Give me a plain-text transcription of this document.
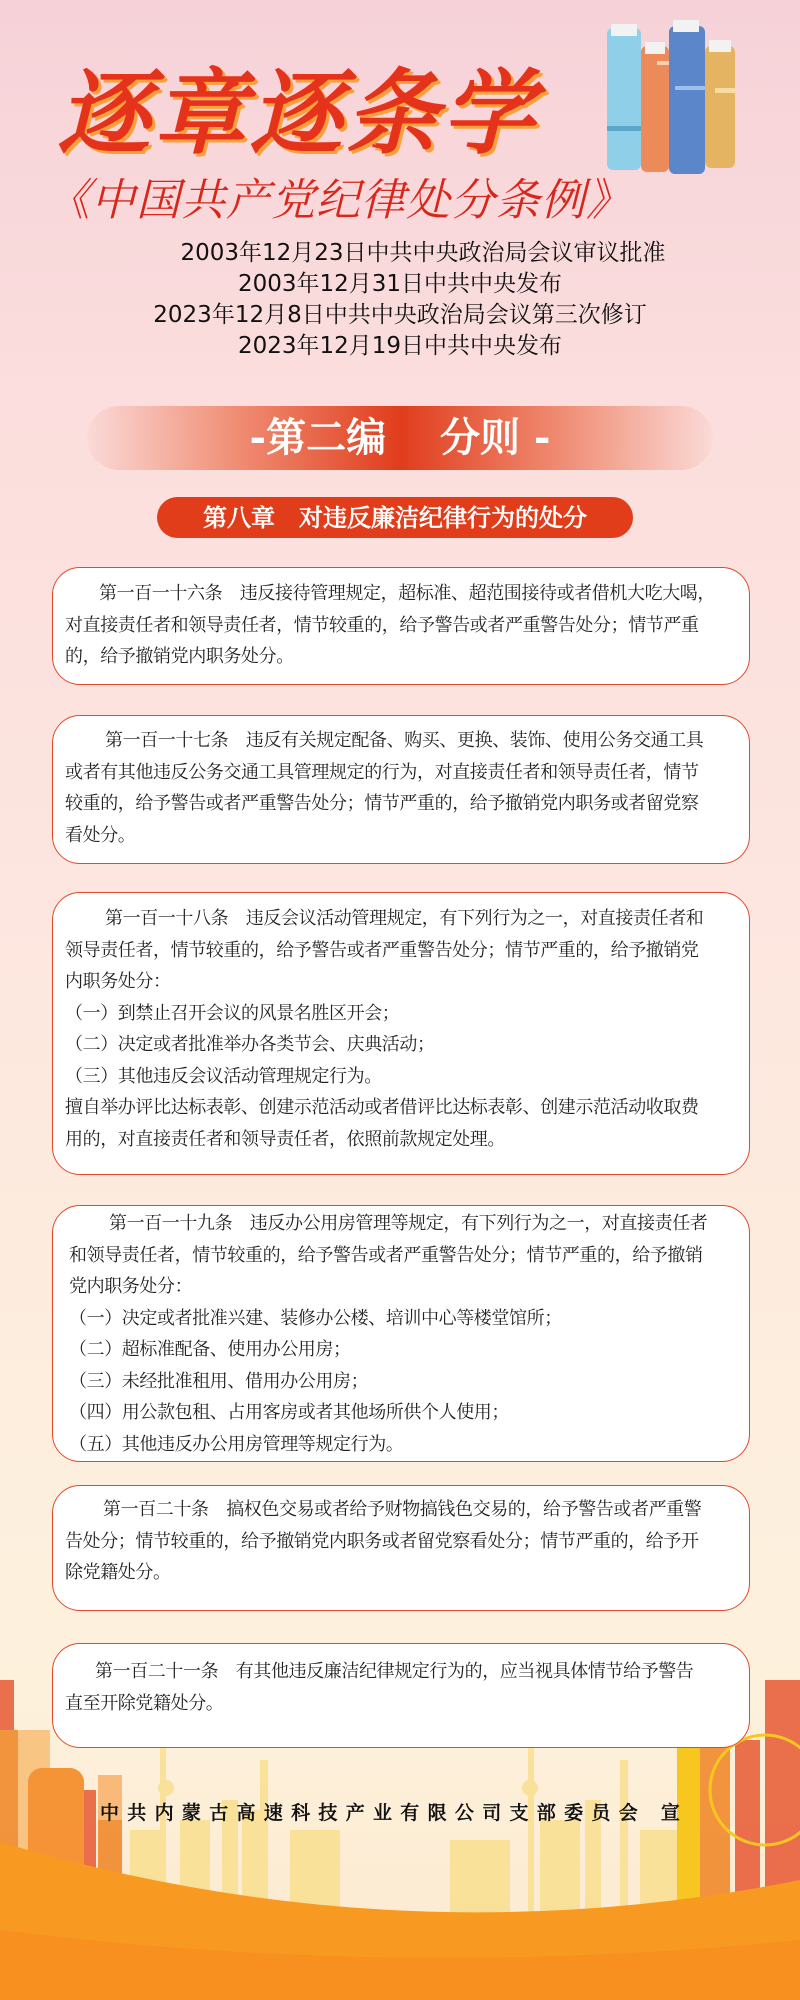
逐章逐条学
《中国共产党纪律处分条例》
2003年12月23日中共中央政治局会议审议批准
2003年12月31日中共中央发布
2023年12月8日中共中央政治局会议第三次修订
2023年12月19日中共中央发布
-第二编　 分则 -
第八章　对违反廉洁纪律行为的处分
第一百一十六条　违反接待管理规定，超标准、超范围接待或者借机大吃大喝，
对直接责任者和领导责任者，情节较重的，给予警告或者严重警告处分；情节严重
的，给予撤销党内职务处分。
第一百一十七条　违反有关规定配备、购买、更换、装饰、使用公务交通工具
或者有其他违反公务交通工具管理规定的行为，对直接责任者和领导责任者，情节
较重的，给予警告或者严重警告处分；情节严重的，给予撤销党内职务或者留党察
看处分。
第一百一十八条　违反会议活动管理规定，有下列行为之一，对直接责任者和
领导责任者，情节较重的，给予警告或者严重警告处分；情节严重的，给予撤销党
内职务处分：
（一）到禁止召开会议的风景名胜区开会；
（二）决定或者批准举办各类节会、庆典活动；
（三）其他违反会议活动管理规定行为。
擅自举办评比达标表彰、创建示范活动或者借评比达标表彰、创建示范活动收取费
用的，对直接责任者和领导责任者，依照前款规定处理。
第一百一十九条　违反办公用房管理等规定，有下列行为之一，对直接责任者
和领导责任者，情节较重的，给予警告或者严重警告处分；情节严重的，给予撤销
党内职务处分：
（一）决定或者批准兴建、装修办公楼、培训中心等楼堂馆所；
（二）超标准配备、使用办公用房；
（三）未经批准租用、借用办公用房；
（四）用公款包租、占用客房或者其他场所供个人使用；
（五）其他违反办公用房管理等规定行为。
第一百二十条　搞权色交易或者给予财物搞钱色交易的，给予警告或者严重警
告处分；情节较重的，给予撤销党内职务或者留党察看处分；情节严重的，给予开
除党籍处分。
第一百二十一条　有其他违反廉洁纪律规定行为的，应当视具体情节给予警告
直至开除党籍处分。
中共内蒙古高速科技产业有限公司支部委员会 宣
